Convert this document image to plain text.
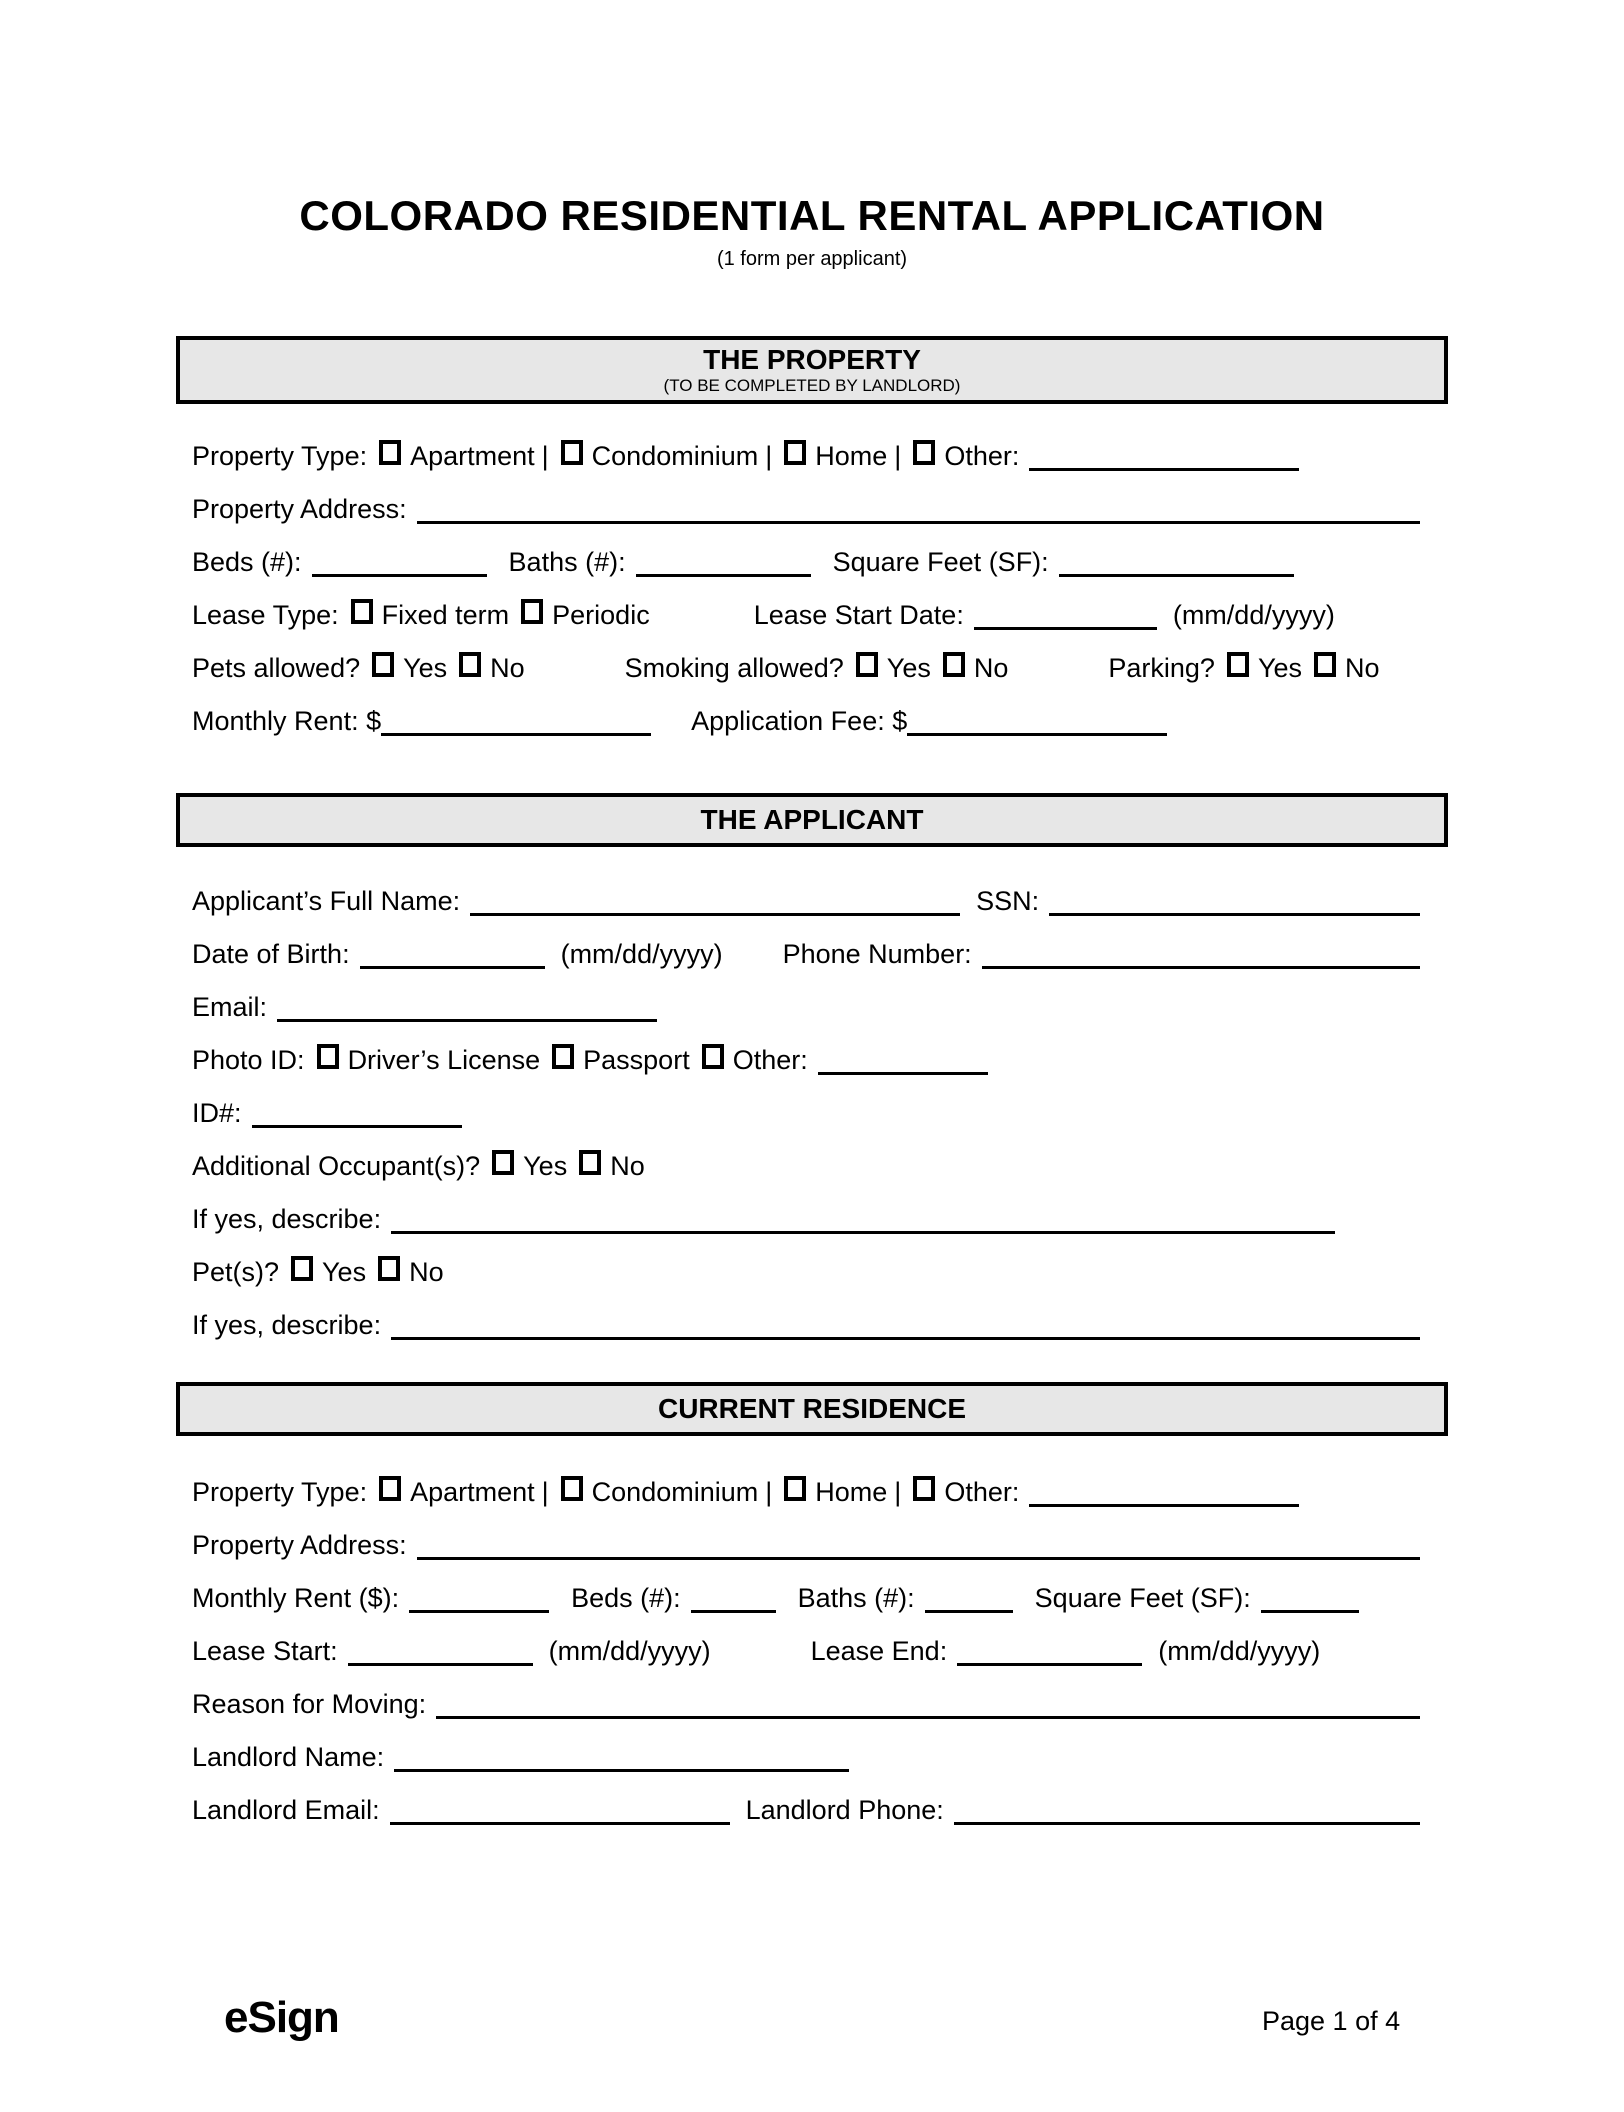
COLORADO RESIDENTIAL RENTAL APPLICATION
(1 form per applicant)
THE PROPERTY
(TO BE COMPLETED BY LANDLORD)
Property Type: Apartment | Condominium | Home | Other:
Property Address:
Beds (#):	Baths (#):	Square Feet (SF):
Lease Type: Fixed term Periodic	Lease Start Date:	(mm/dd/yyyy)
Pets allowed? Yes No	Smoking allowed? Yes No	Parking? Yes No
Monthly Rent: $	Application Fee: $
THE APPLICANT
Applicant’s Full Name:	SSN:
Date of Birth:	(mm/dd/yyyy) Phone Number:
Email:
Photo ID: Driver’s License Passport Other:
ID#:
Additional Occupant(s)? Yes No
If yes, describe:
Pet(s)? Yes No
If yes, describe:
CURRENT RESIDENCE
Property Type: Apartment | Condominium | Home | Other:
Property Address:
Monthly Rent ($):	Beds (#):	Baths (#):	Square Feet (SF):
Lease Start:	(mm/dd/yyyy)	Lease End:	(mm/dd/yyyy)
Reason for Moving:
Landlord Name:
Landlord Email:	Landlord Phone:
eSign	Page 1 of 4
